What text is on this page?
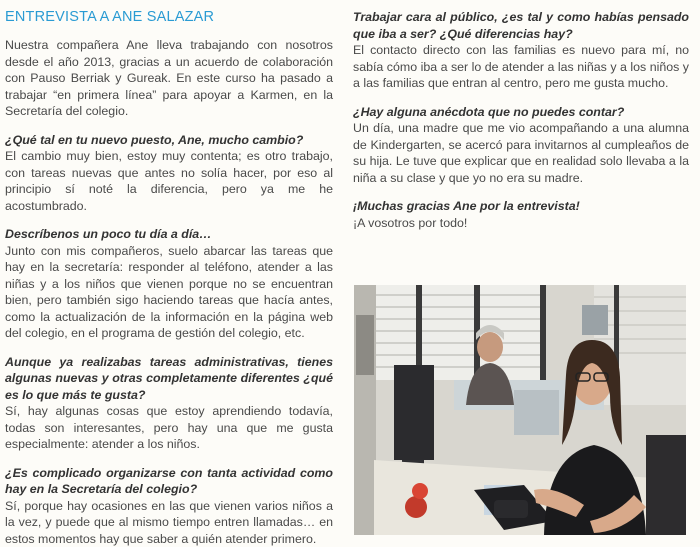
ENTREVISTA A ANE SALAZAR

Nuestra compañera Ane lleva trabajando con nosotros desde el año 2013, gracias a un acuerdo de colaboración con Pauso Berriak y Gureak. En este curso ha pasado a trabajar “en primera línea” para apoyar a Karmen, en la Secretaría del colegio.

¿Qué tal en tu nuevo puesto, Ane, mucho cambio?

El cambio muy bien, estoy muy contenta; es otro trabajo, con tareas nuevas que antes no solía hacer, por eso al principio sí noté la diferencia, pero ya me he acostumbrado.

Descríbenos un poco tu día a día…

Junto con mis compañeros, suelo abarcar las tareas que hay en la secretaría: responder al teléfono, atender a las niñas y a los niños que vienen porque no se encuentran bien, pero también sigo haciendo tareas que hacía antes, como la actualización de la información en la página web del colegio, en el programa de gestión del colegio, etc.

Aunque ya realizabas tareas administrativas, tienes algunas nuevas y otras completamente diferentes ¿qué es lo que más te gusta?

Sí, hay algunas cosas que estoy aprendiendo todavía, todas son interesantes, pero hay una que me gusta especialmente: atender a los niños.

¿Es complicado organizarse con tanta actividad como hay en la Secretaría del colegio?

Sí, porque hay ocasiones en las que vienen varios niños a la vez, y puede que al mismo tiempo entren llamadas… en estos momentos hay que saber a quién atender primero.

Trabajar cara al público, ¿es tal y como habías pensado que iba a ser? ¿Qué diferencias hay?

El contacto directo con las familias es nuevo para mí, no sabía cómo iba a ser lo de atender a las niñas y a los niños y a las familias que entran al centro, pero me gusta mucho.

¿Hay alguna anécdota que no puedes contar?

Un día, una madre que me vio acompañando a una alumna de Kindergarten, se acercó para invitarnos al cumpleaños de su hija. Le tuve que explicar que en realidad solo llevaba a la niña a su clase y que yo no era su madre.

¡Muchas gracias Ane por la entrevista!

¡A vosotros por todo!
